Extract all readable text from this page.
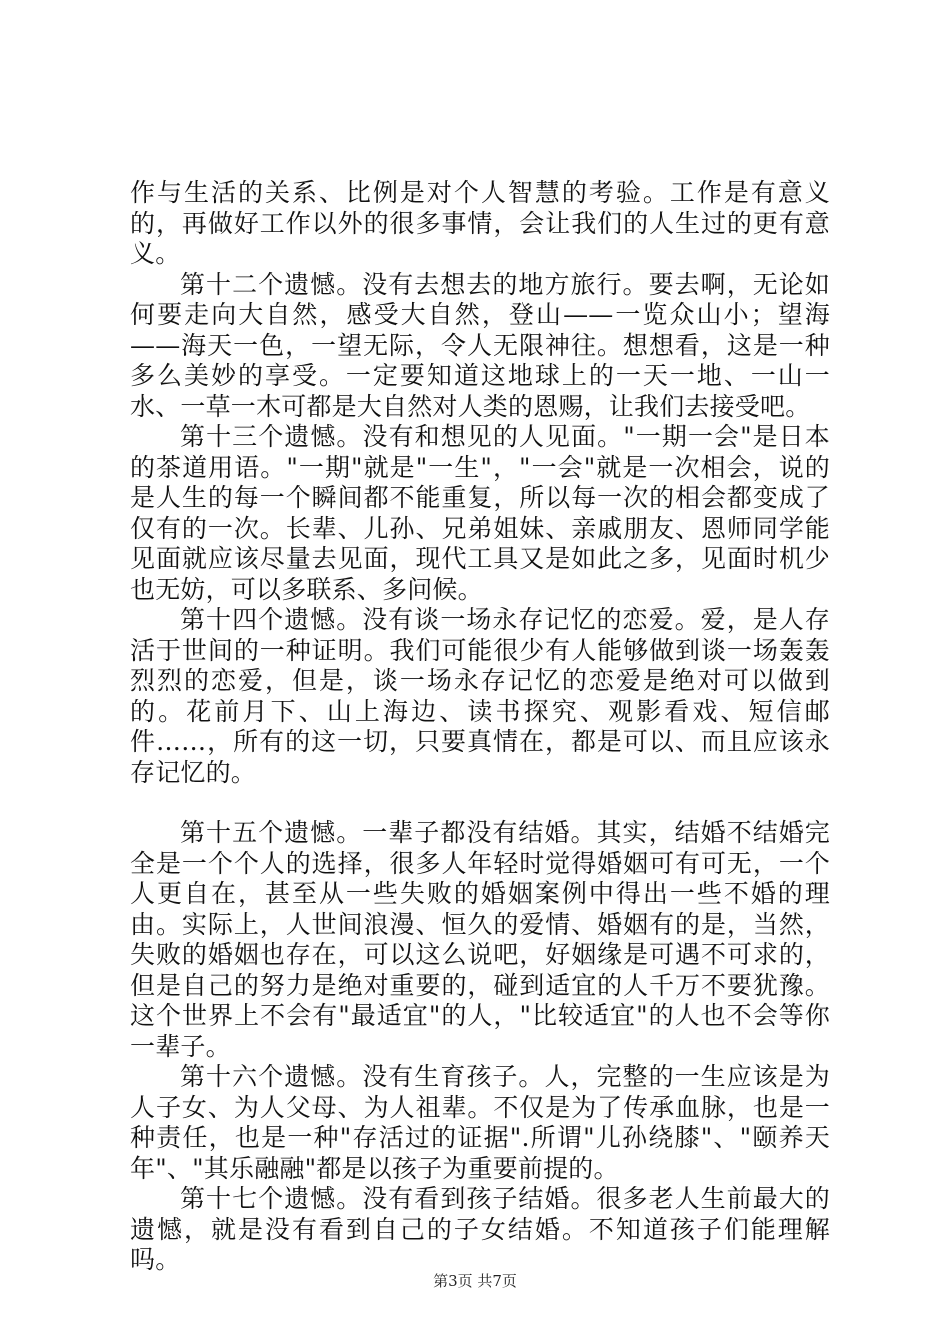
作与生活的关系、比例是对个人智慧的考验。工作是有意义的，再做好工作以外的很多事情，会让我们的人生过的更有意义。

第十二个遗憾。没有去想去的地方旅行。要去啊，无论如何要走向大自然，感受大自然，登山——一览众山小；望海——海天一色，一望无际，令人无限神往。想想看，这是一种多么美妙的享受。一定要知道这地球上的一天一地、一山一水、一草一木可都是大自然对人类的恩赐，让我们去接受吧。

第十三个遗憾。没有和想见的人见面。"一期一会"是日本的茶道用语。"一期"就是"一生"，"一会"就是一次相会，说的是人生的每一个瞬间都不能重复，所以每一次的相会都变成了仅有的一次。长辈、儿孙、兄弟姐妹、亲戚朋友、恩师同学能见面就应该尽量去见面，现代工具又是如此之多，见面时机少也无妨，可以多联系、多问候。

第十四个遗憾。没有谈一场永存记忆的恋爱。爱，是人存活于世间的一种证明。我们可能很少有人能够做到谈一场轰轰烈烈的恋爱，但是，谈一场永存记忆的恋爱是绝对可以做到的。花前月下、山上海边、读书探究、观影看戏、短信邮件……，所有的这一切，只要真情在，都是可以、而且应该永存记忆的。

第十五个遗憾。一辈子都没有结婚。其实，结婚不结婚完全是一个个人的选择，很多人年轻时觉得婚姻可有可无，一个人更自在，甚至从一些失败的婚姻案例中得出一些不婚的理由。实际上，人世间浪漫、恒久的爱情、婚姻有的是，当然，失败的婚姻也存在，可以这么说吧，好姻缘是可遇不可求的，但是自己的努力是绝对重要的，碰到适宜的人千万不要犹豫。这个世界上不会有"最适宜"的人，"比较适宜"的人也不会等你一辈子。

第十六个遗憾。没有生育孩子。人，完整的一生应该是为人子女、为人父母、为人祖辈。不仅是为了传承血脉，也是一种责任，也是一种"存活过的证据".所谓"儿孙绕膝"、"颐养天年"、"其乐融融"都是以孩子为重要前提的。

第十七个遗憾。没有看到孩子结婚。很多老人生前最大的遗憾，就是没有看到自己的子女结婚。不知道孩子们能理解吗。

第3页 共7页
